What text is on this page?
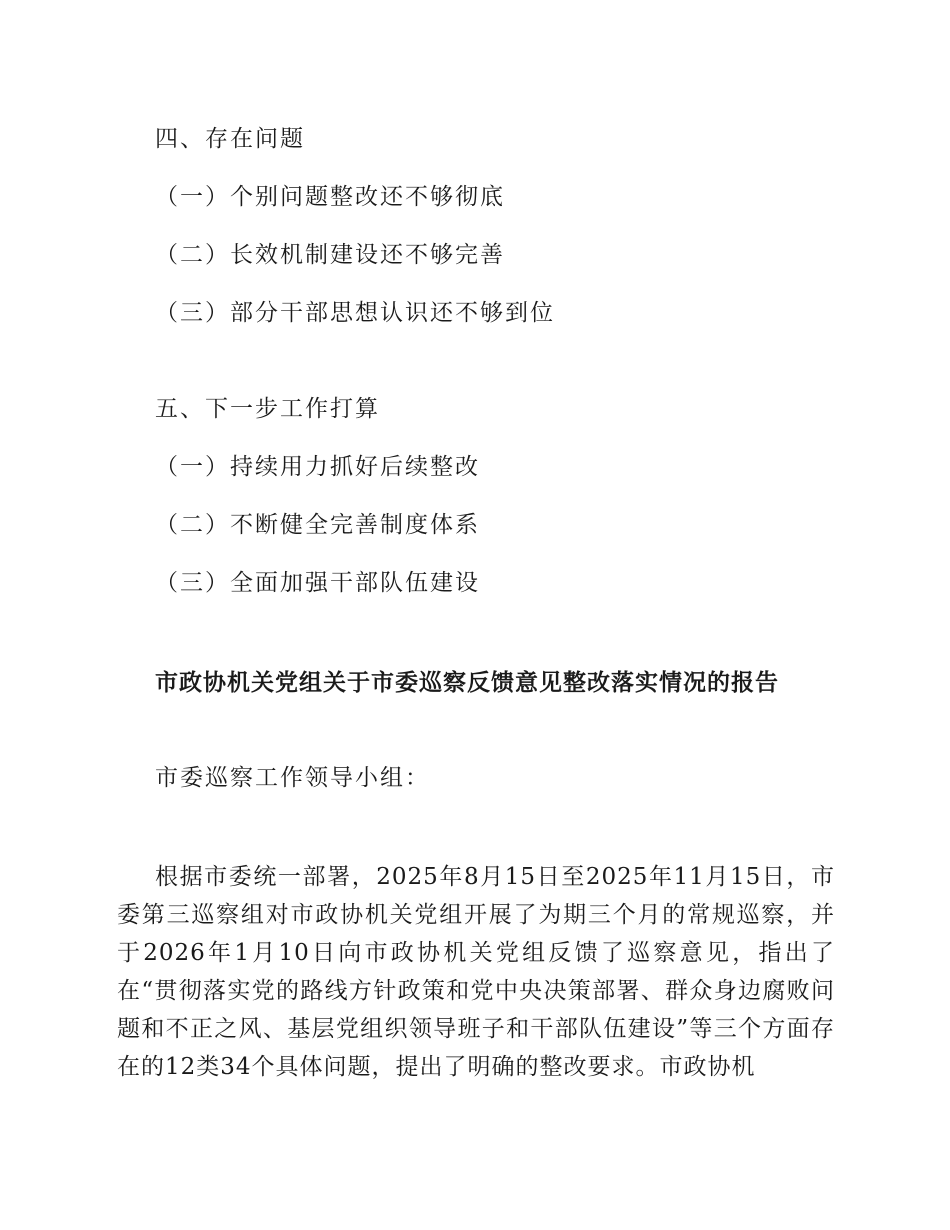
四、存在问题
（一）个别问题整改还不够彻底
（二）长效机制建设还不够完善
（三）部分干部思想认识还不够到位
五、下一步工作打算
（一）持续用力抓好后续整改
（二）不断健全完善制度体系
（三）全面加强干部队伍建设
市政协机关党组关于市委巡察反馈意见整改落实情况的报告
市委巡察工作领导小组：
根据市委统一部署，2025年8月15日至2025年11月15日，市委第三巡察组对市政协机关党组开展了为期三个月的常规巡察，并于2026年1月10日向市政协机关党组反馈了巡察意见，指出了在“贯彻落实党的路线方针政策和党中央决策部署、群众身边腐败问题和不正之风、基层党组织领导班子和干部队伍建设”等三个方面存在的12类34个具体问题，提出了明确的整改要求。市政协机
